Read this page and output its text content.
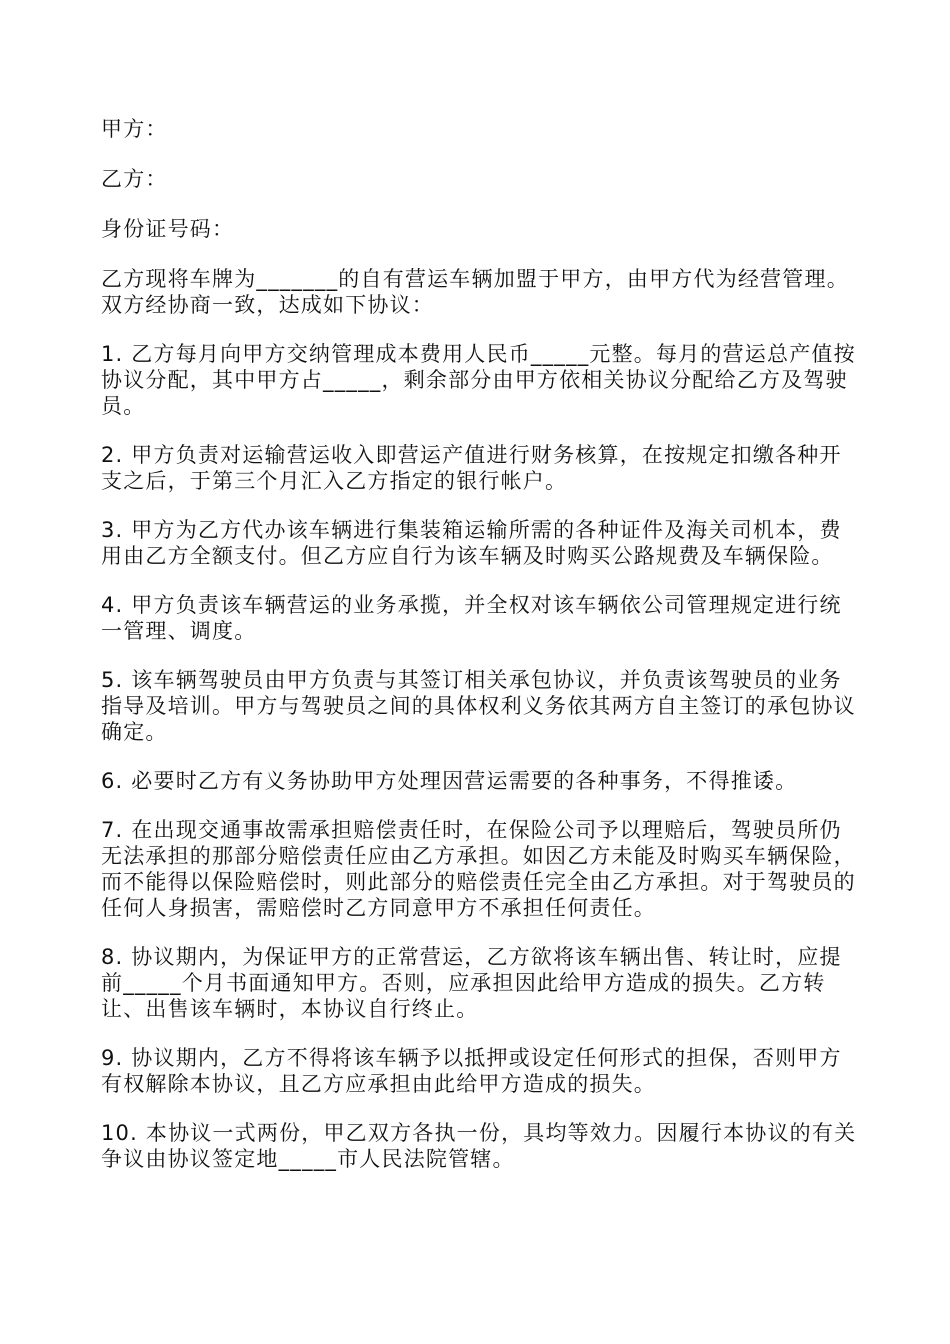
甲方：

乙方：

身份证号码：

乙方现将车牌为_______的自有营运车辆加盟于甲方，由甲方代为经营管理。双方经协商一致，达成如下协议：

1. 乙方每月向甲方交纳管理成本费用人民币_____元整。每月的营运总产值按协议分配，其中甲方占_____，剩余部分由甲方依相关协议分配给乙方及驾驶员。

2. 甲方负责对运输营运收入即营运产值进行财务核算，在按规定扣缴各种开支之后，于第三个月汇入乙方指定的银行帐户。

3. 甲方为乙方代办该车辆进行集装箱运输所需的各种证件及海关司机本，费用由乙方全额支付。但乙方应自行为该车辆及时购买公路规费及车辆保险。

4. 甲方负责该车辆营运的业务承揽，并全权对该车辆依公司管理规定进行统一管理、调度。

5. 该车辆驾驶员由甲方负责与其签订相关承包协议，并负责该驾驶员的业务指导及培训。甲方与驾驶员之间的具体权利义务依其两方自主签订的承包协议确定。

6. 必要时乙方有义务协助甲方处理因营运需要的各种事务，不得推诿。

7. 在出现交通事故需承担赔偿责任时，在保险公司予以理赔后，驾驶员所仍无法承担的那部分赔偿责任应由乙方承担。如因乙方未能及时购买车辆保险，而不能得以保险赔偿时，则此部分的赔偿责任完全由乙方承担。对于驾驶员的任何人身损害，需赔偿时乙方同意甲方不承担任何责任。

8. 协议期内，为保证甲方的正常营运，乙方欲将该车辆出售、转让时，应提前_____个月书面通知甲方。否则，应承担因此给甲方造成的损失。乙方转让、出售该车辆时，本协议自行终止。

9. 协议期内，乙方不得将该车辆予以抵押或设定任何形式的担保，否则甲方有权解除本协议，且乙方应承担由此给甲方造成的损失。

10. 本协议一式两份，甲乙双方各执一份，具均等效力。因履行本协议的有关争议由协议签定地_____市人民法院管辖。
